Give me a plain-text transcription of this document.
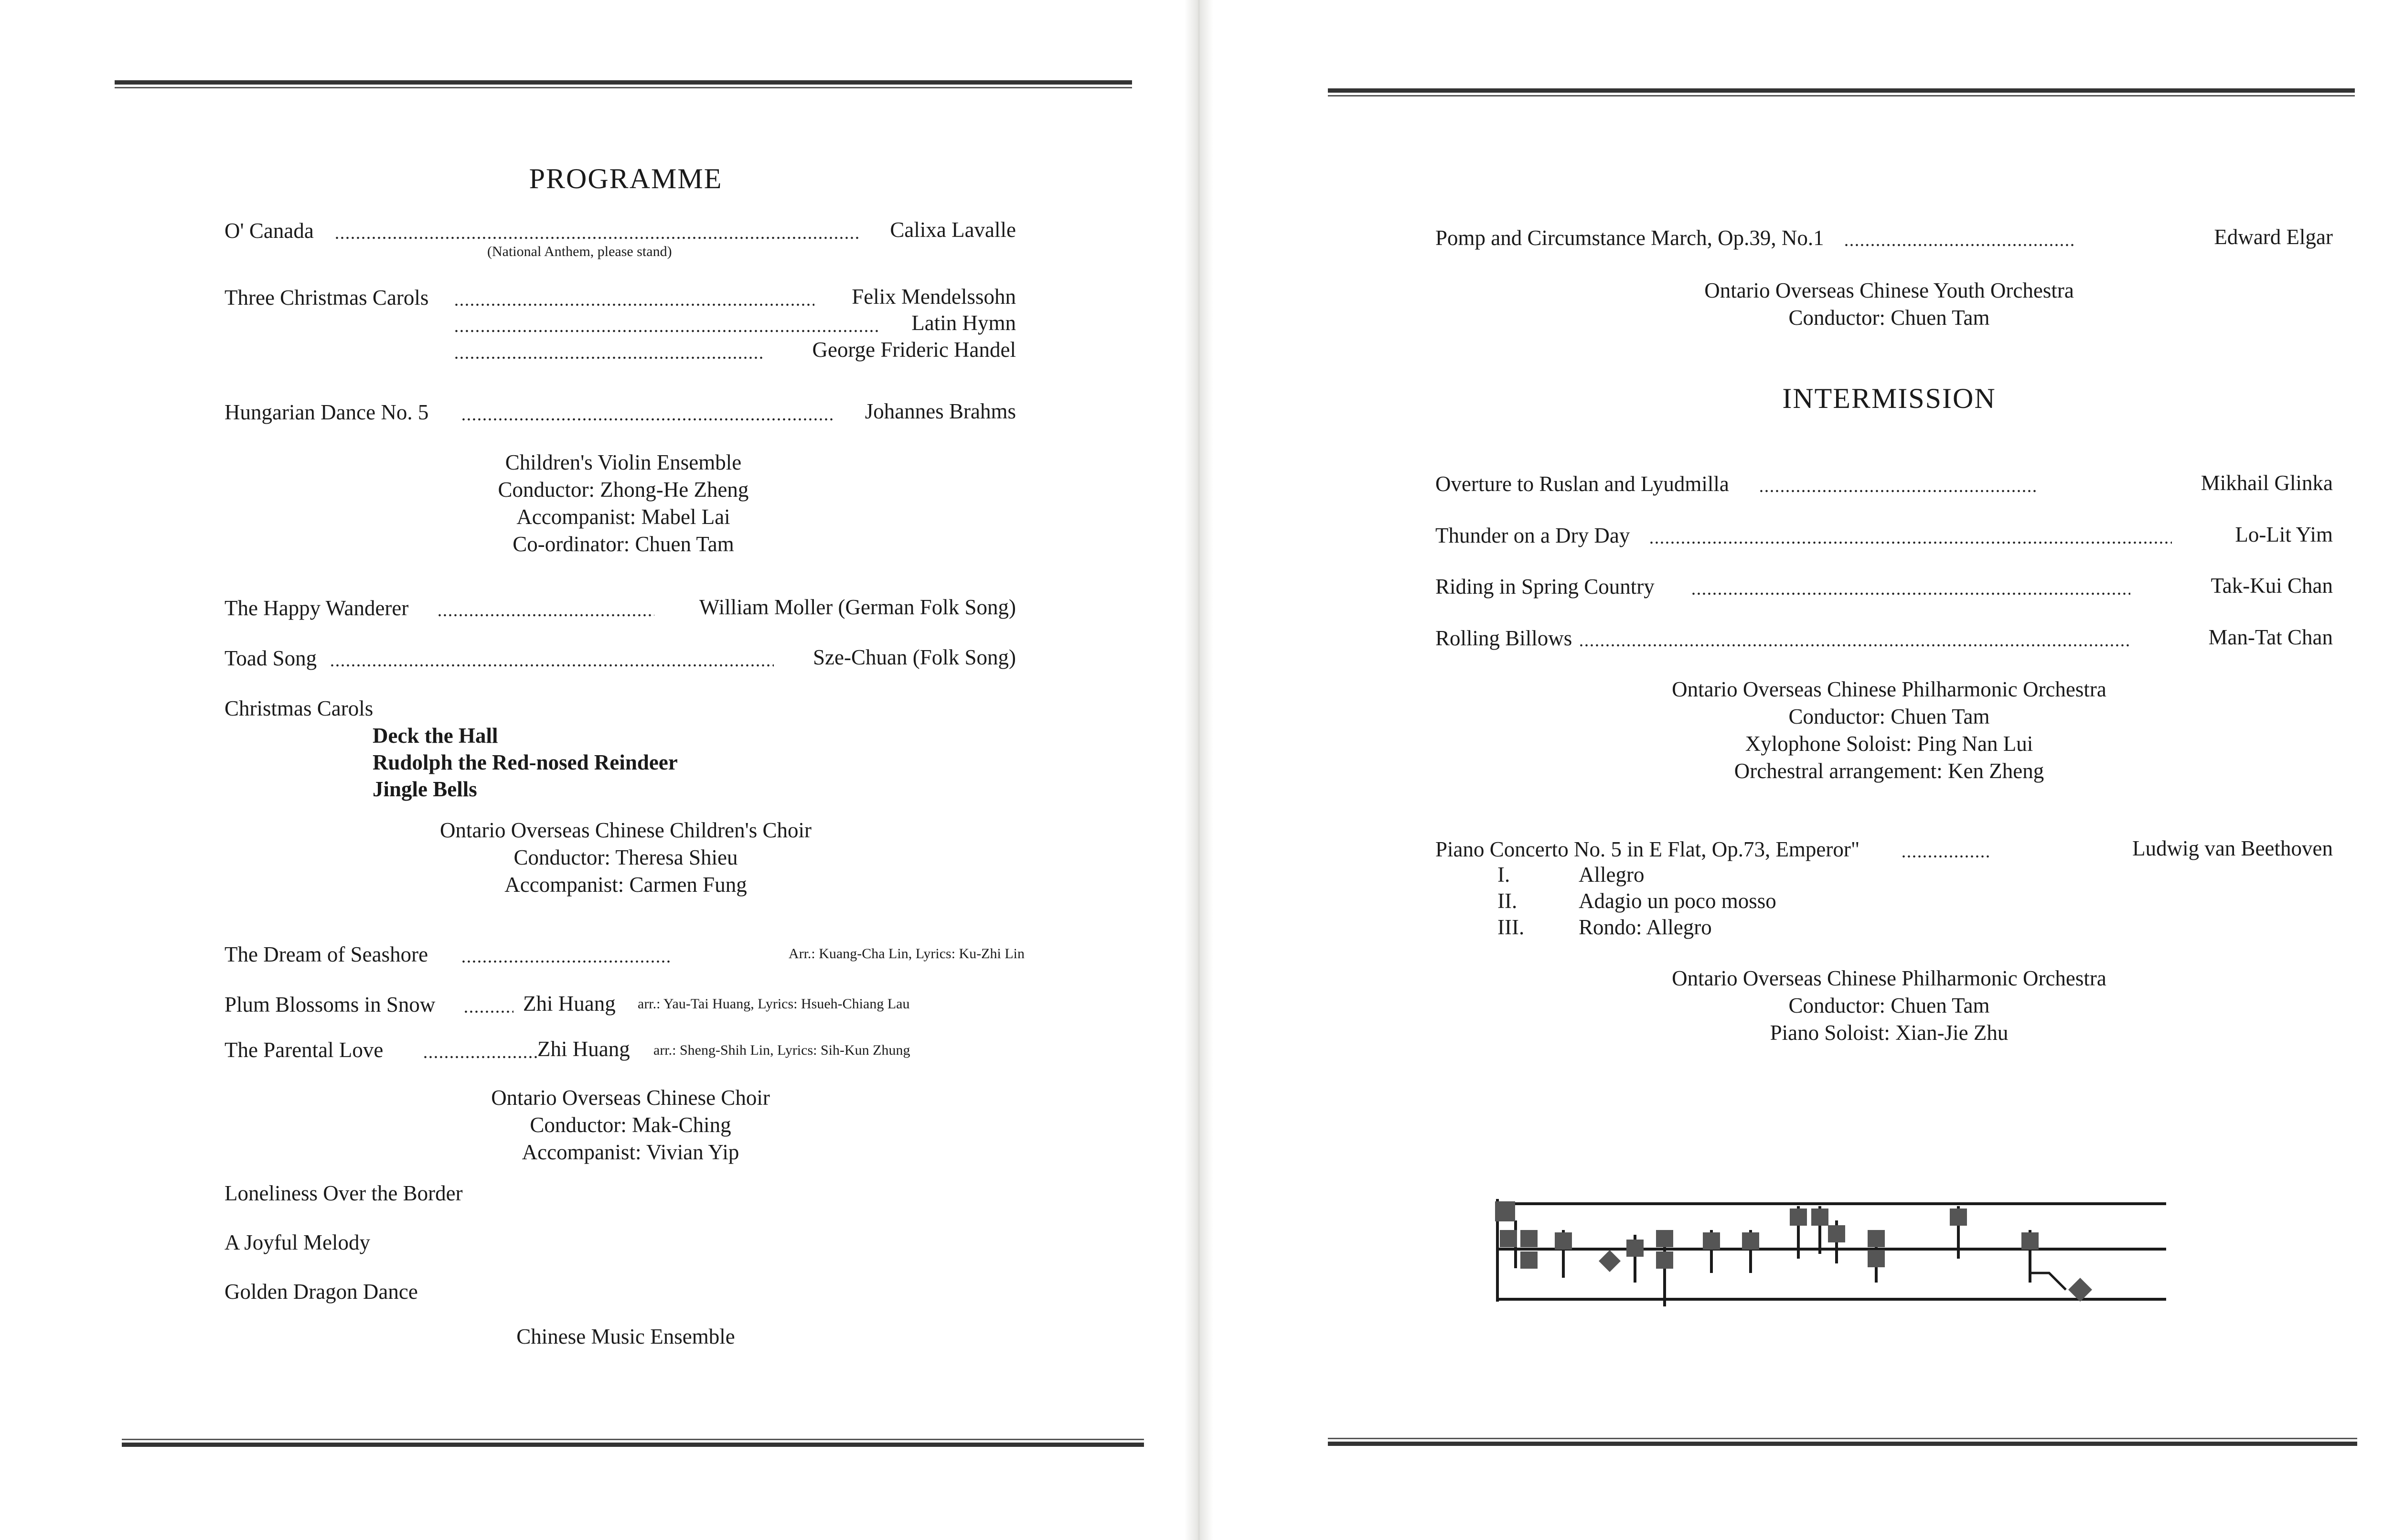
PROGRAMME
O' Canada	Calixa Lavalle
(National Anthem, please stand)
Three Christmas Carols	Felix Mendelssohn
Latin Hymn
George Frideric Handel
Hungarian Dance No. 5	Johannes Brahms
Children's Violin Ensemble
Conductor: Zhong-He Zheng
Accompanist: Mabel Lai
Co-ordinator: Chuen Tam
The Happy Wanderer	William Moller (German Folk Song)
Toad Song	Sze-Chuan (Folk Song)
Christmas Carols
Deck the Hall
Rudolph the Red-nosed Reindeer
Jingle Bells
Ontario Overseas Chinese Children's Choir
Conductor: Theresa Shieu
Accompanist: Carmen Fung
The Dream of Seashore	Arr.: Kuang-Cha Lin, Lyrics: Ku-Zhi Lin
Plum Blossoms in Snow	Zhi Huang arr.: Yau-Tai Huang, Lyrics: Hsueh-Chiang Lau
The Parental Love	Zhi Huang arr.: Sheng-Shih Lin, Lyrics: Sih-Kun Zhung
Ontario Overseas Chinese Choir
Conductor: Mak-Ching
Accompanist: Vivian Yip
Loneliness Over the Border
A Joyful Melody
Golden Dragon Dance
Chinese Music Ensemble
Pomp and Circumstance March, Op.39, No.1	Edward Elgar
Ontario Overseas Chinese Youth Orchestra
Conductor: Chuen Tam
INTERMISSION
Overture to Ruslan and Lyudmilla	Mikhail Glinka
Thunder on a Dry Day	Lo-Lit Yim
Riding in Spring Country	Tak-Kui Chan
Rolling Billows	Man-Tat Chan
Ontario Overseas Chinese Philharmonic Orchestra
Conductor: Chuen Tam
Xylophone Soloist: Ping Nan Lui
Orchestral arrangement: Ken Zheng
Piano Concerto No. 5 in E Flat, Op.73, Emperor"	Ludwig van Beethoven
I.	Allegro
II.	Adagio un poco mosso
III.	Rondo: Allegro
Ontario Overseas Chinese Philharmonic Orchestra
Conductor: Chuen Tam
Piano Soloist: Xian-Jie Zhu
